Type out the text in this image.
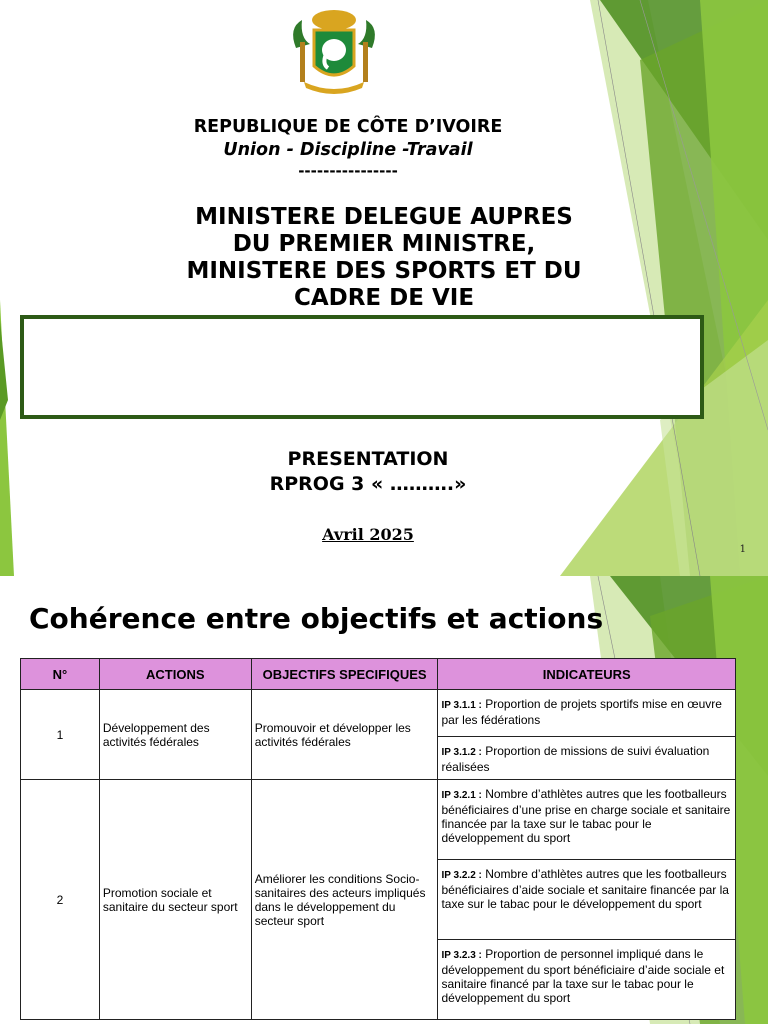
REPUBLIQUE DE CÔTE D’IVOIRE
Union - Discipline -Travail
----------------
MINISTERE DELEGUE AUPRES
DU PREMIER MINISTRE,
MINISTERE DES SPORTS ET DU
CADRE DE VIE
PRESENTATION
RPROG 3 « ……….»
Avril 2025
1
Cohérence entre objectifs et actions
N°	ACTIONS	OBJECTIFS SPECIFIQUES	INDICATEURS
1	Développement des activités fédérales	Promouvoir et développer les activités fédérales	IP 3.1.1 : Proportion de projets sportifs mise en œuvre par les fédérations
			IP 3.1.2 : Proportion de missions de suivi évaluation réalisées
2	Promotion sociale et sanitaire du secteur sport	Améliorer les conditions Socio-sanitaires des acteurs impliqués dans le développement du secteur sport	IP 3.2.1 : Nombre d’athlètes autres que les footballeurs bénéficiaires d’une prise en charge sociale et sanitaire financée par la taxe sur le tabac pour le développement du sport
			IP 3.2.2 : Nombre d’athlètes autres que les footballeurs bénéficiaires d’aide sociale et sanitaire financée par la taxe sur le tabac pour le développement du sport
			IP 3.2.3 : Proportion de personnel impliqué dans le développement du sport bénéficiaire d’aide sociale et sanitaire financé par la taxe sur le tabac pour le développement du sport
